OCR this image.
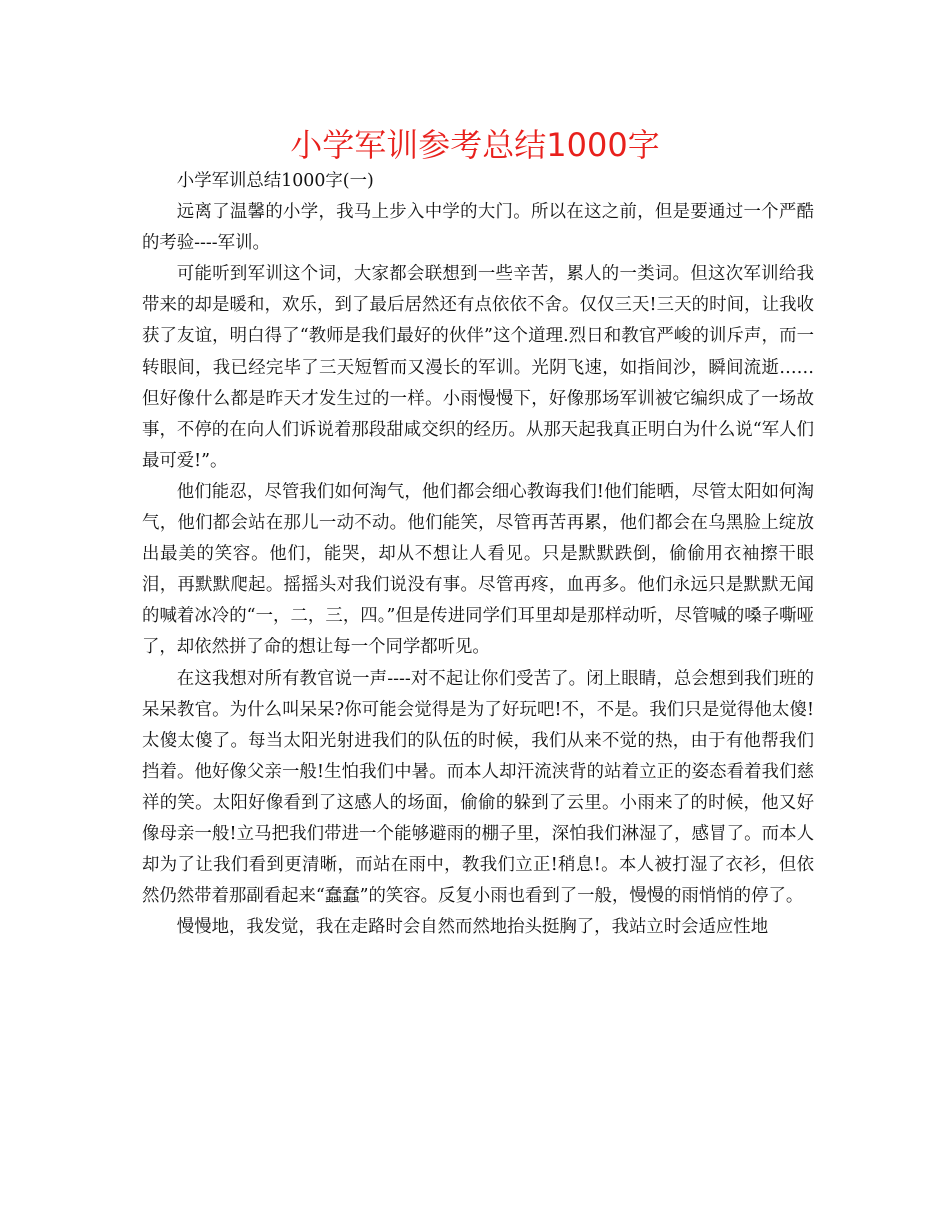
小学军训参考总结1000字

小学军训总结1000字(一)

远离了温馨的小学，我马上步入中学的大门。所以在这之前，但是要通过一个严酷的考验----军训。

可能听到军训这个词，大家都会联想到一些辛苦，累人的一类词。但这次军训给我带来的却是暖和，欢乐，到了最后居然还有点依依不舍。仅仅三天!三天的时间，让我收获了友谊，明白得了“教师是我们最好的伙伴”这个道理.烈日和教官严峻的训斥声，而一转眼间，我已经完毕了三天短暂而又漫长的军训。光阴飞速，如指间沙，瞬间流逝……但好像什么都是昨天才发生过的一样。小雨慢慢下，好像那场军训被它编织成了一场故事，不停的在向人们诉说着那段甜咸交织的经历。从那天起我真正明白为什么说“军人们最可爱!”。

他们能忍，尽管我们如何淘气，他们都会细心教诲我们!他们能晒，尽管太阳如何淘气，他们都会站在那儿一动不动。他们能笑，尽管再苦再累，他们都会在乌黑脸上绽放出最美的笑容。他们，能哭，却从不想让人看见。只是默默跌倒，偷偷用衣袖擦干眼泪，再默默爬起。摇摇头对我们说没有事。尽管再疼，血再多。他们永远只是默默无闻的喊着冰冷的“一，二，三，四。”但是传进同学们耳里却是那样动听，尽管喊的嗓子嘶哑了，却依然拼了命的想让每一个同学都听见。

在这我想对所有教官说一声----对不起让你们受苦了。闭上眼睛，总会想到我们班的呆呆教官。为什么叫呆呆?你可能会觉得是为了好玩吧!不，不是。我们只是觉得他太傻!太傻太傻了。每当太阳光射进我们的队伍的时候，我们从来不觉的热，由于有他帮我们挡着。他好像父亲一般!生怕我们中暑。而本人却汗流浃背的站着立正的姿态看着我们慈祥的笑。太阳好像看到了这感人的场面，偷偷的躲到了云里。小雨来了的时候，他又好像母亲一般!立马把我们带进一个能够避雨的棚子里，深怕我们淋湿了，感冒了。而本人却为了让我们看到更清晰，而站在雨中，教我们立正!稍息!。本人被打湿了衣衫，但依然仍然带着那副看起来“蠢蠢”的笑容。反复小雨也看到了一般，慢慢的雨悄悄的停了。

慢慢地，我发觉，我在走路时会自然而然地抬头挺胸了，我站立时会适应性地
